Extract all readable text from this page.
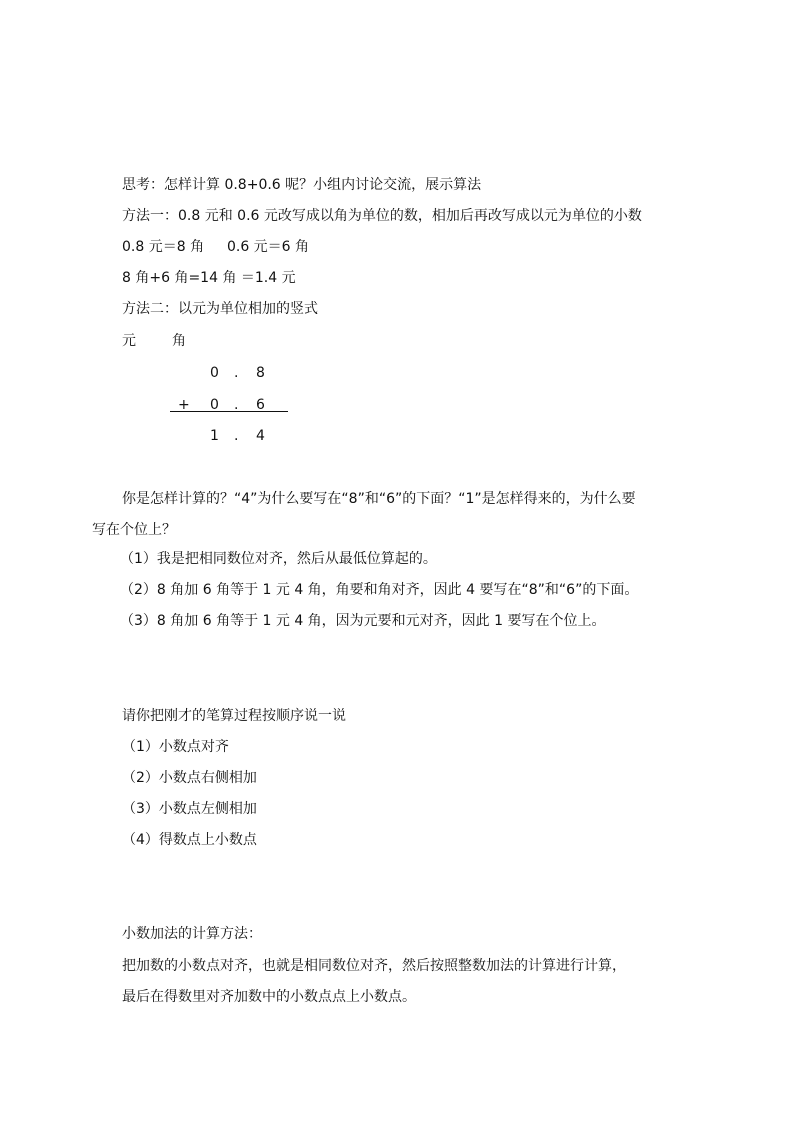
思考：怎样计算 0.8+0.6 呢？小组内讨论交流，展示算法
方法一：0.8 元和 0.6 元改写成以角为单位的数，相加后再改写成以元为单位的小数
0.8 元＝8 角 　 0.6 元＝6 角
8 角+6 角=14 角 ＝1.4 元
方法二：以元为单位相加的竖式
元	角
0 . 8
+ 0 . 6
1 . 4
你是怎样计算的？“4”为什么要写在“8”和“6”的下面？“1”是怎样得来的，为什么要
写在个位上？
（1）我是把相同数位对齐，然后从最低位算起的。
（2）8 角加 6 角等于 1 元 4 角，角要和角对齐，因此 4 要写在“8”和“6”的下面。
（3）8 角加 6 角等于 1 元 4 角，因为元要和元对齐，因此 1 要写在个位上。
请你把刚才的笔算过程按顺序说一说
（1）小数点对齐
（2）小数点右侧相加
（3）小数点左侧相加
（4）得数点上小数点
小数加法的计算方法：
把加数的小数点对齐，也就是相同数位对齐，然后按照整数加法的计算进行计算，
最后在得数里对齐加数中的小数点点上小数点。
